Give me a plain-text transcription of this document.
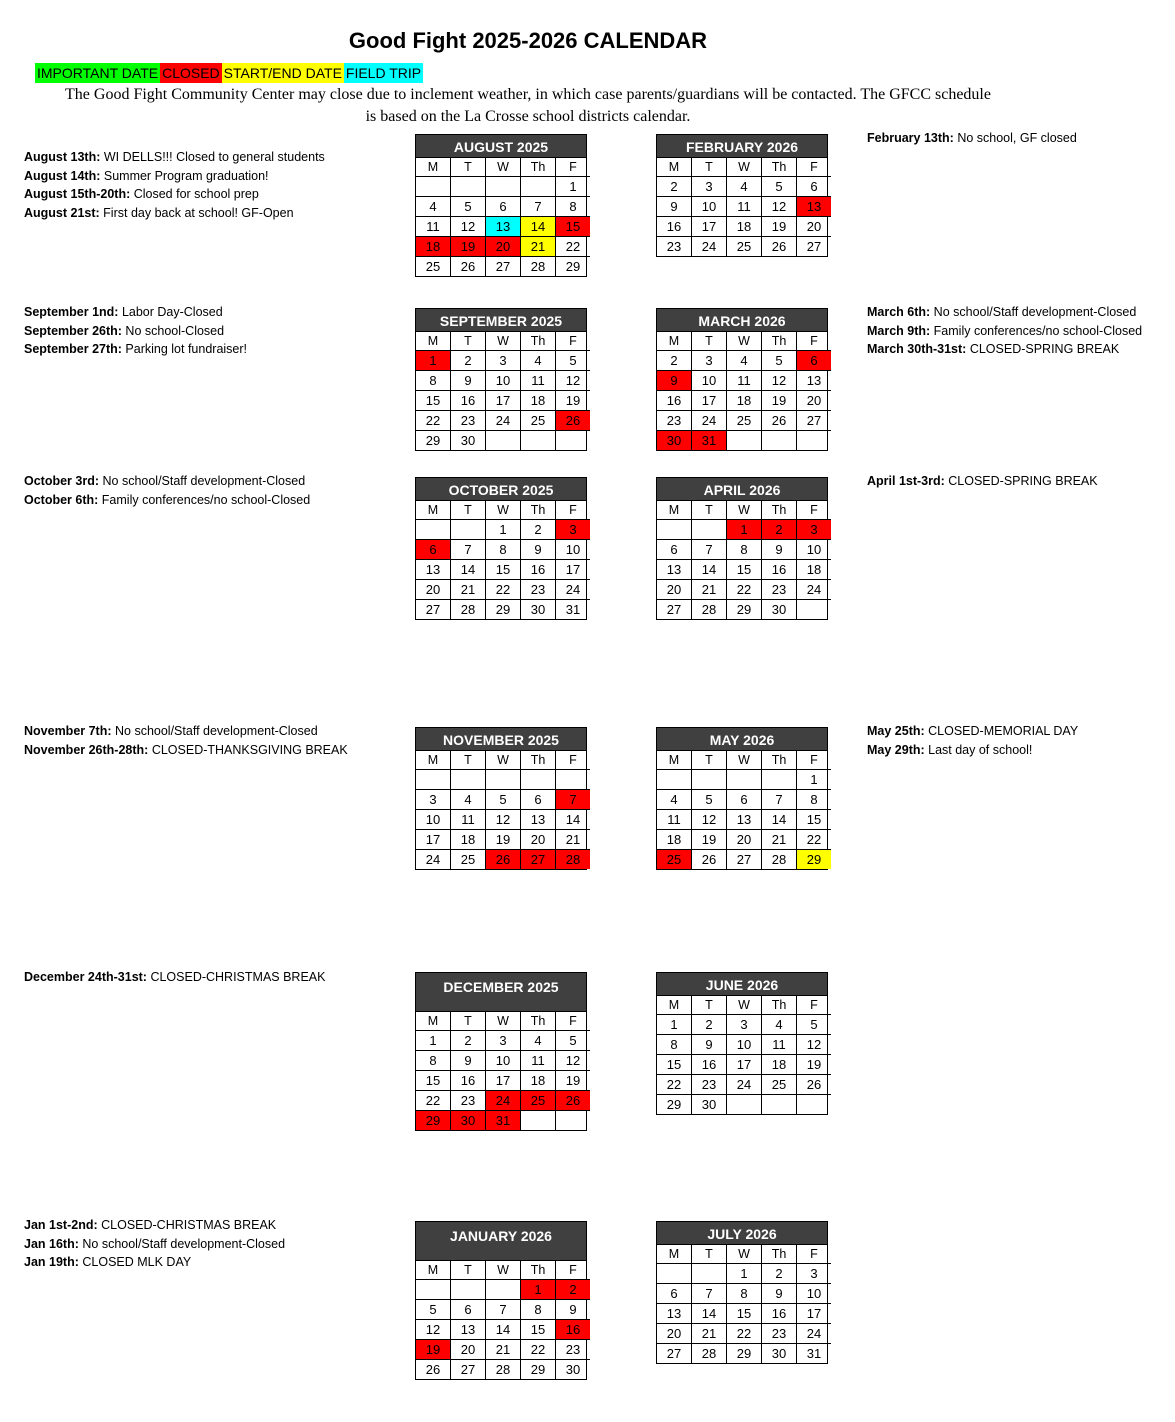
Good Fight 2025-2026 CALENDAR
IMPORTANT DATE CLOSED START/END DATE FIELD TRIP
The Good Fight Community Center may close due to inclement weather, in which case parents/guardians will be contacted. The GFCC schedule
is based on the La Crosse school districts calendar.
August 13th: WI DELLS!!! Closed to general students
August 14th: Summer Program graduation!
August 15th-20th: Closed for school prep
August 21st: First day back at school! GF-Open
February 13th: No school, GF closed
September 1nd: Labor Day-Closed
September 26th: No school-Closed
September 27th: Parking lot fundraiser!
March 6th: No school/Staff development-Closed
March 9th: Family conferences/no school-Closed
March 30th-31st: CLOSED-SPRING BREAK
October 3rd: No school/Staff development-Closed
October 6th: Family conferences/no school-Closed
April 1st-3rd: CLOSED-SPRING BREAK
November 7th: No school/Staff development-Closed
November 26th-28th: CLOSED-THANKSGIVING BREAK
May 25th: CLOSED-MEMORIAL DAY
May 29th: Last day of school!
December 24th-31st: CLOSED-CHRISTMAS BREAK
Jan 1st-2nd: CLOSED-CHRISTMAS BREAK
Jan 16th: No school/Staff development-Closed
Jan 19th: CLOSED MLK DAY
AUGUST 2025
M	T	W	Th	F
				1
4	5	6	7	8
11	12	13	14	15
18	19	20	21	22
25	26	27	28	29
FEBRUARY 2026
M	T	W	Th	F
2	3	4	5	6
9	10	11	12	13
16	17	18	19	20
23	24	25	26	27
SEPTEMBER 2025
M	T	W	Th	F
1	2	3	4	5
8	9	10	11	12
15	16	17	18	19
22	23	24	25	26
29	30			
MARCH 2026
M	T	W	Th	F
2	3	4	5	6
9	10	11	12	13
16	17	18	19	20
23	24	25	26	27
30	31			
OCTOBER 2025
M	T	W	Th	F
		1	2	3
6	7	8	9	10
13	14	15	16	17
20	21	22	23	24
27	28	29	30	31
APRIL 2026
M	T	W	Th	F
		1	2	3
6	7	8	9	10
13	14	15	16	18
20	21	22	23	24
27	28	29	30	
NOVEMBER 2025
M	T	W	Th	F

3	4	5	6	7
10	11	12	13	14
17	18	19	20	21
24	25	26	27	28
MAY 2026
M	T	W	Th	F
				1
4	5	6	7	8
11	12	13	14	15
18	19	20	21	22
25	26	27	28	29
DECEMBER 2025
M	T	W	Th	F
1	2	3	4	5
8	9	10	11	12
15	16	17	18	19
22	23	24	25	26
29	30	31		
JUNE 2026
M	T	W	Th	F
1	2	3	4	5
8	9	10	11	12
15	16	17	18	19
22	23	24	25	26
29	30			
JANUARY 2026
M	T	W	Th	F
			1	2
5	6	7	8	9
12	13	14	15	16
19	20	21	22	23
26	27	28	29	30
JULY 2026
M	T	W	Th	F
		1	2	3
6	7	8	9	10
13	14	15	16	17
20	21	22	23	24
27	28	29	30	31
